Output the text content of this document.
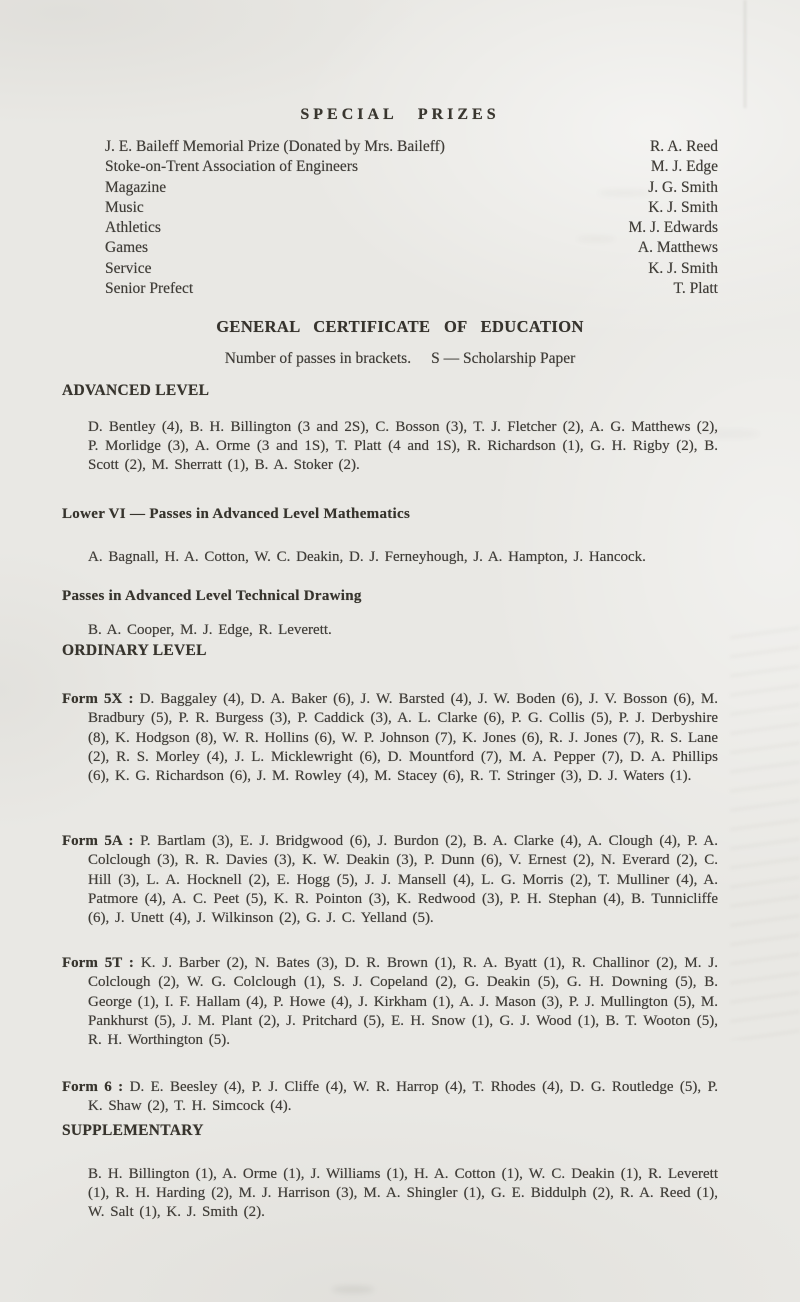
SPECIAL PRIZES
J. E. Baileff Memorial Prize (Donated by Mrs. Baileff)	R. A. Reed
Stoke-on-Trent Association of Engineers	M. J. Edge
Magazine	J. G. Smith
Music	K. J. Smith
Athletics	M. J. Edwards
Games	A. Matthews
Service	K. J. Smith
Senior Prefect	T. Platt
GENERAL CERTIFICATE OF EDUCATION
Number of passes in brackets. S — Scholarship Paper
ADVANCED LEVEL

D. Bentley (4), B. H. Billington (3 and 2S), C. Bosson (3), T. J. Fletcher (2), A. G. Matthews (2), P. Morlidge (3), A. Orme (3 and 1S), T. Platt (4 and 1S), R. Richardson (1), G. H. Rigby (2), B. Scott (2), M. Sherratt (1), B. A. Stoker (2).

Lower VI — Passes in Advanced Level Mathematics

A. Bagnall, H. A. Cotton, W. C. Deakin, D. J. Ferneyhough, J. A. Hampton, J. Hancock.

Passes in Advanced Level Technical Drawing

B. A. Cooper, M. J. Edge, R. Leverett.

ORDINARY LEVEL

Form 5X : D. Baggaley (4), D. A. Baker (6), J. W. Barsted (4), J. W. Boden (6), J. V. Bosson (6), M. Bradbury (5), P. R. Burgess (3), P. Caddick (3), A. L. Clarke (6), P. G. Collis (5), P. J. Derbyshire (8), K. Hodgson (8), W. R. Hollins (6), W. P. Johnson (7), K. Jones (6), R. J. Jones (7), R. S. Lane (2), R. S. Morley (4), J. L. Micklewright (6), D. Mountford (7), M. A. Pepper (7), D. A. Phillips (6), K. G. Richardson (6), J. M. Rowley (4), M. Stacey (6), R. T. Stringer (3), D. J. Waters (1).

Form 5A : P. Bartlam (3), E. J. Bridgwood (6), J. Burdon (2), B. A. Clarke (4), A. Clough (4), P. A. Colclough (3), R. R. Davies (3), K. W. Deakin (3), P. Dunn (6), V. Ernest (2), N. Everard (2), C. Hill (3), L. A. Hocknell (2), E. Hogg (5), J. J. Mansell (4), L. G. Morris (2), T. Mulliner (4), A. Patmore (4), A. C. Peet (5), K. R. Pointon (3), K. Redwood (3), P. H. Stephan (4), B. Tunnicliffe (6), J. Unett (4), J. Wilkinson (2), G. J. C. Yelland (5).

Form 5T : K. J. Barber (2), N. Bates (3), D. R. Brown (1), R. A. Byatt (1), R. Challinor (2), M. J. Colclough (2), W. G. Colclough (1), S. J. Copeland (2), G. Deakin (5), G. H. Downing (5), B. George (1), I. F. Hallam (4), P. Howe (4), J. Kirkham (1), A. J. Mason (3), P. J. Mullington (5), M. Pankhurst (5), J. M. Plant (2), J. Pritchard (5), E. H. Snow (1), G. J. Wood (1), B. T. Wooton (5), R. H. Worthington (5).

Form 6 : D. E. Beesley (4), P. J. Cliffe (4), W. R. Harrop (4), T. Rhodes (4), D. G. Routledge (5), P. K. Shaw (2), T. H. Simcock (4).

SUPPLEMENTARY

B. H. Billington (1), A. Orme (1), J. Williams (1), H. A. Cotton (1), W. C. Deakin (1), R. Leverett (1), R. H. Harding (2), M. J. Harrison (3), M. A. Shingler (1), G. E. Biddulph (2), R. A. Reed (1), W. Salt (1), K. J. Smith (2).
